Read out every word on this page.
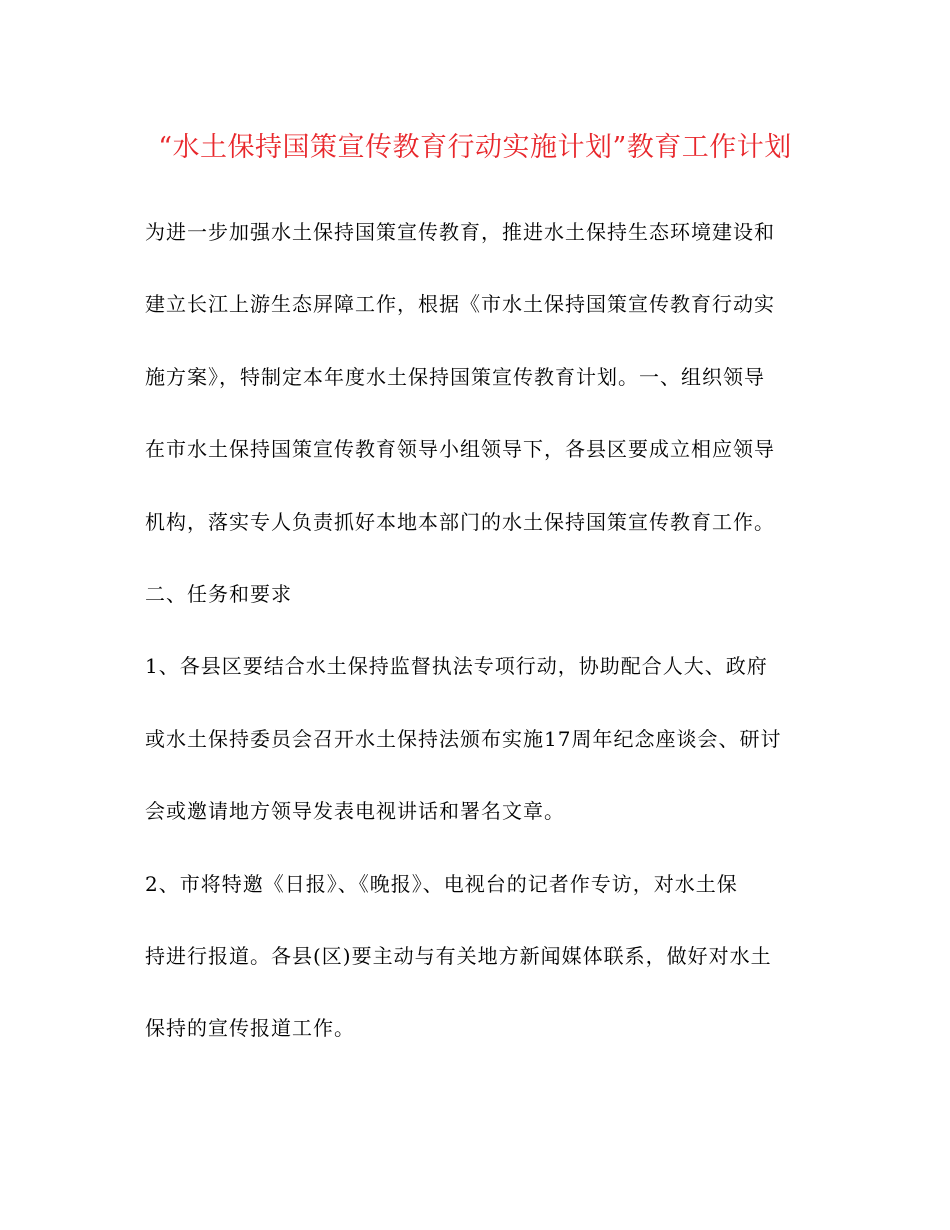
“水土保持国策宣传教育行动实施计划”教育工作计划
为进一步加强水土保持国策宣传教育，推进水土保持生态环境建设和
建立长江上游生态屏障工作，根据《市水土保持国策宣传教育行动实
施方案》，特制定本年度水土保持国策宣传教育计划。一、组织领导
在市水土保持国策宣传教育领导小组领导下，各县区要成立相应领导
机构，落实专人负责抓好本地本部门的水土保持国策宣传教育工作。
二、任务和要求
1、各县区要结合水土保持监督执法专项行动，协助配合人大、政府
或水土保持委员会召开水土保持法颁布实施17周年纪念座谈会、研讨
会或邀请地方领导发表电视讲话和署名文章。
2、市将特邀《日报》、《晚报》、电视台的记者作专访，对水土保
持进行报道。各县(区)要主动与有关地方新闻媒体联系，做好对水土
保持的宣传报道工作。
